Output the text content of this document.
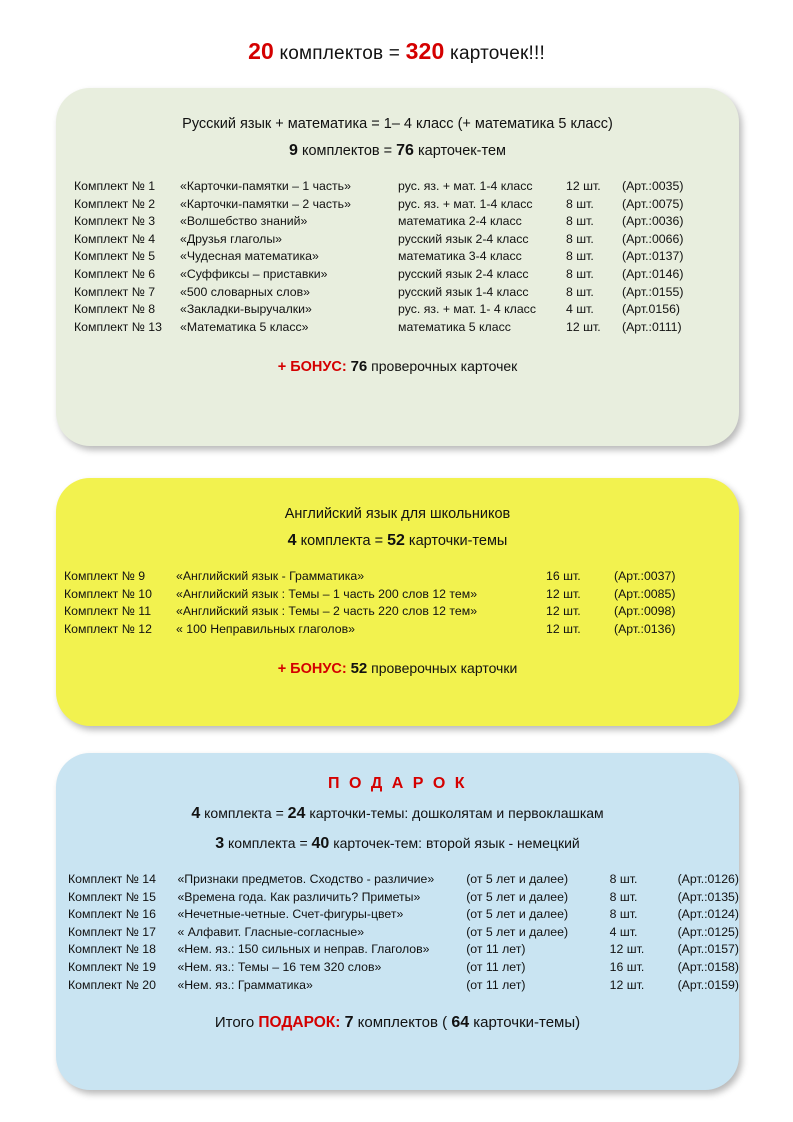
20 комплектов = 320 карточек!!!
Русский язык + математика = 1– 4 класс (+ математика 5 класс)
9 комплектов = 76 карточек-тем
Комплект № 1	«Карточки-памятки – 1 часть»	рус. яз. + мат. 1-4 класс	12 шт.	(Арт.:0035)
Комплект № 2	«Карточки-памятки – 2 часть»	рус. яз. + мат. 1-4 класс	8 шт.	(Арт.:0075)
Комплект № 3	«Волшебство знаний»	математика 2-4 класс	8 шт.	(Арт.:0036)
Комплект № 4	«Друзья глаголы»	русский язык 2-4 класс	8 шт.	(Арт.:0066)
Комплект № 5	«Чудесная математика»	математика 3-4 класс	8 шт.	(Арт.:0137)
Комплект № 6	«Суффиксы – приставки»	русский язык 2-4 класс	8 шт.	(Арт.:0146)
Комплект № 7	«500 словарных слов»	русский язык 1-4 класс	8 шт.	(Арт.:0155)
Комплект № 8	«Закладки-выручалки»	рус. яз. + мат. 1- 4 класс	4 шт.	(Арт.0156)
Комплект № 13	«Математика 5 класс»	математика 5 класс	12 шт.	(Арт.:0111)
+ БОНУС: 76 проверочных карточек
Английский язык для школьников
4 комплекта = 52 карточки-темы
Комплект № 9	«Английский язык - Грамматика»	16 шт.	(Арт.:0037)
Комплект № 10	«Английский язык : Темы – 1 часть 200 слов 12 тем»	12 шт.	(Арт.:0085)
Комплект № 11	«Английский язык : Темы – 2 часть 220 слов 12 тем»	12 шт.	(Арт.:0098)
Комплект № 12	« 100 Неправильных глаголов»	12 шт.	(Арт.:0136)
+ БОНУС: 52 проверочных карточки
П О Д А Р О К
4 комплекта = 24 карточки-темы: дошколятам и первоклашкам
3 комплекта = 40 карточек-тем: второй язык - немецкий
Комплект № 14	«Признаки предметов. Сходство - различие»	(от 5 лет и далее)	8 шт.	(Арт.:0126)
Комплект № 15	«Времена года. Как различить? Приметы»	(от 5 лет и далее)	8 шт.	(Арт.:0135)
Комплект № 16	«Нечетные-четные. Счет-фигуры-цвет»	(от 5 лет и далее)	8 шт.	(Арт.:0124)
Комплект № 17	« Алфавит. Гласные-согласные»	(от 5 лет и далее)	4 шт.	(Арт.:0125)
Комплект № 18	«Нем. яз.: 150 сильных и неправ. Глаголов»	(от 11 лет)	12 шт.	(Арт.:0157)
Комплект № 19	«Нем. яз.: Темы – 16 тем 320 слов»	(от 11 лет)	16 шт.	(Арт.:0158)
Комплект № 20	«Нем. яз.: Грамматика»	(от 11 лет)	12 шт.	(Арт.:0159)
Итого ПОДАРОК: 7 комплектов ( 64 карточки-темы)
